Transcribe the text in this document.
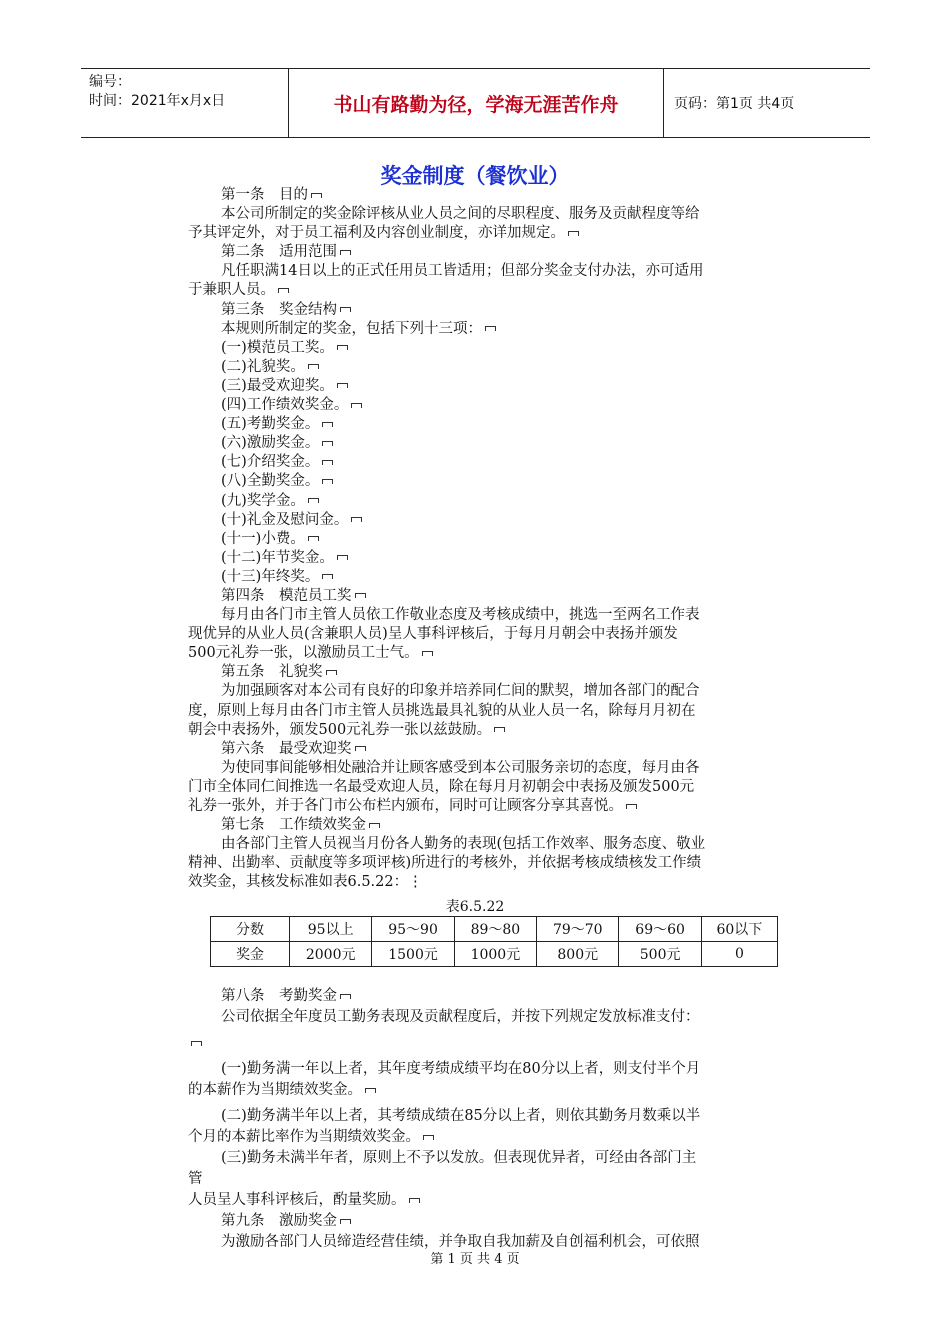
编号：
时间：2021年x月x日	书山有路勤为径，学海无涯苦作舟	页码：第1页 共4页
奖金制度（餐饮业）
第一条　目的
本公司所制定的奖金除评核从业人员之间的尽职程度、服务及贡献程度等给
予其评定外，对于员工福利及内容创业制度，亦详加规定。
第二条　适用范围
凡任职满14日以上的正式任用员工皆适用；但部分奖金支付办法，亦可适用
于兼职人员。
第三条　奖金结构
本规则所制定的奖金，包括下列十三项：
(一)模范员工奖。
(二)礼貌奖。
(三)最受欢迎奖。
(四)工作绩效奖金。
(五)考勤奖金。
(六)激励奖金。
(七)介绍奖金。
(八)全勤奖金。
(九)奖学金。
(十)礼金及慰问金。
(十一)小费。
(十二)年节奖金。
(十三)年终奖。
第四条　模范员工奖
每月由各门市主管人员依工作敬业态度及考核成绩中，挑选一至两名工作表
现优异的从业人员(含兼职人员)呈人事科评核后，于每月月朝会中表扬并颁发
500元礼券一张，以激励员工士气。
第五条　礼貌奖
为加强顾客对本公司有良好的印象并培养同仁间的默契，增加各部门的配合
度，原则上每月由各门市主管人员挑选最具礼貌的从业人员一名，除每月月初在
朝会中表扬外，颁发500元礼券一张以兹鼓励。
第六条　最受欢迎奖
为使同事间能够相处融洽并让顾客感受到本公司服务亲切的态度，每月由各
门市全体同仁间推选一名最受欢迎人员，除在每月月初朝会中表扬及颁发500元
礼券一张外，并于各门市公布栏内颁布，同时可让顾客分享其喜悦。
第七条　工作绩效奖金
由各部门主管人员视当月份各人勤务的表现(包括工作效率、服务态度、敬业
精神、出勤率、贡献度等多项评核)所进行的考核外，并依据考核成绩核发工作绩
效奖金，其核发标准如表6.5.22：⋮
表6.5.22
分数	95以上	95～90	89～80	79～70	69～60	60以下
奖金	2000元	1500元	1000元	800元	500元	0
第八条　考勤奖金
公司依据全年度员工勤务表现及贡献程度后，并按下列规定发放标准支付：
(一)勤务满一年以上者，其年度考绩成绩平均在80分以上者，则支付半个月
的本薪作为当期绩效奖金。
(二)勤务满半年以上者，其考绩成绩在85分以上者，则依其勤务月数乘以半
个月的本薪比率作为当期绩效奖金。
(三)勤务未满半年者，原则上不予以发放。但表现优异者，可经由各部门主
管
人员呈人事科评核后，酌量奖励。
第九条　激励奖金
为激励各部门人员缔造经营佳绩，并争取自我加薪及自创福利机会，可依照
第 1 页 共 4 页
